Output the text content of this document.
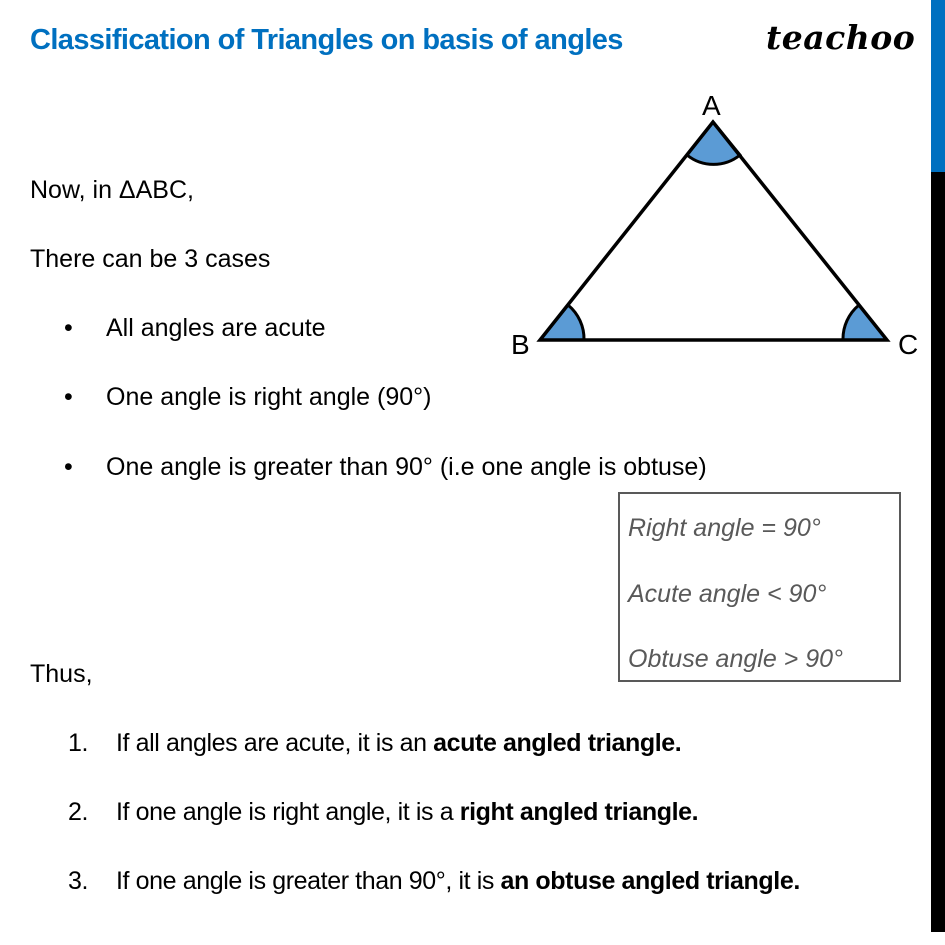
Classification of Triangles on basis of angles	teachoo
Now, in ΔABC,
There can be 3 cases
• All angles are acute
• One angle is right angle (90°)
• One angle is greater than 90° (i.e one angle is obtuse)
A
B	C
Right angle = 90°
Acute angle < 90°
Obtuse angle > 90°
Thus,
1. If all angles are acute, it is an acute angled triangle.
2. If one angle is right angle, it is a right angled triangle.
3. If one angle is greater than 90°, it is an obtuse angled triangle.
